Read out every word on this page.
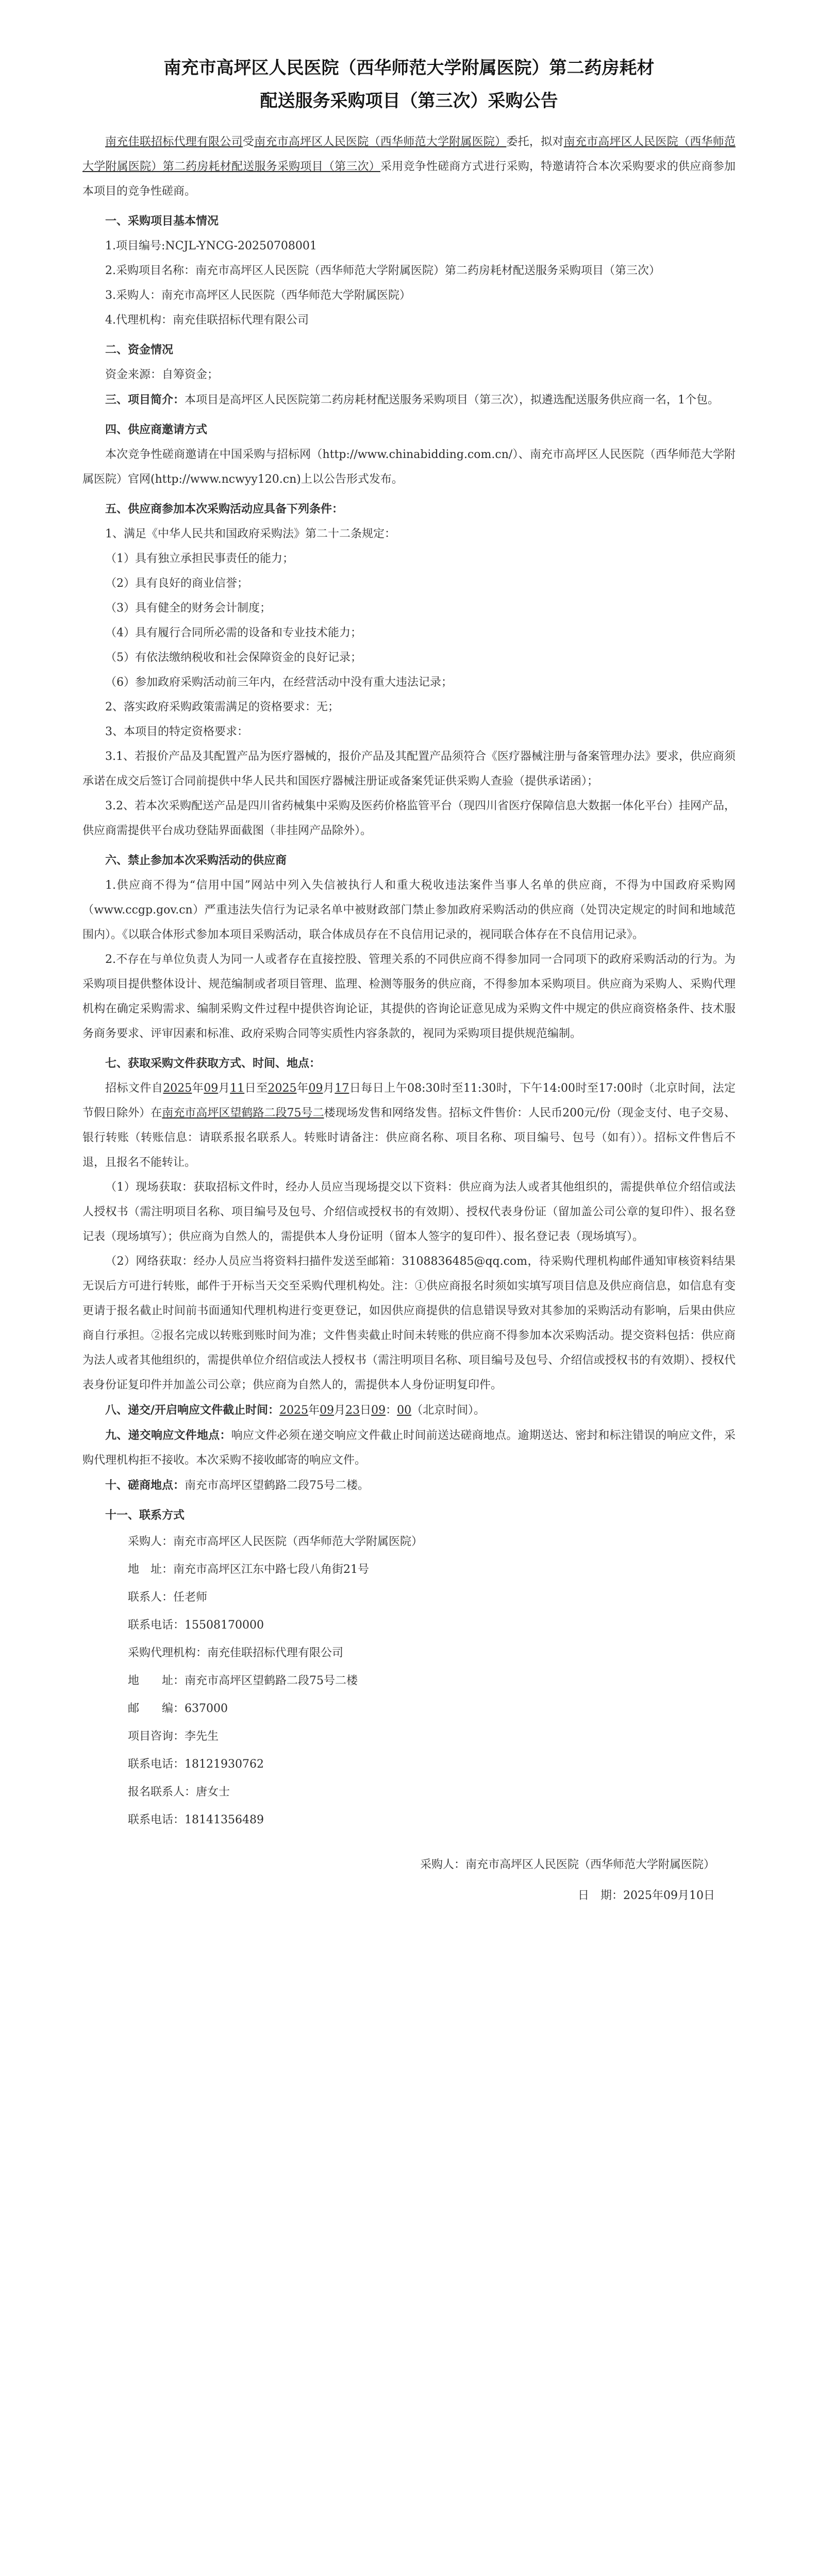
南充市高坪区人民医院（西华师范大学附属医院）第二药房耗材
配送服务采购项目（第三次）采购公告

南充佳联招标代理有限公司受南充市高坪区人民医院（西华师范大学附属医院）委托，拟对南充市高坪区人民医院（西华师范大学附属医院）第二药房耗材配送服务采购项目（第三次）采用竞争性磋商方式进行采购，特邀请符合本次采购要求的供应商参加本项目的竞争性磋商。

一、采购项目基本情况

1.项目编号:NCJL-YNCG-20250708001

2.采购项目名称：南充市高坪区人民医院（西华师范大学附属医院）第二药房耗材配送服务采购项目（第三次）

3.采购人：南充市高坪区人民医院（西华师范大学附属医院）

4.代理机构：南充佳联招标代理有限公司

二、资金情况

资金来源：自筹资金；

三、项目简介：本项目是高坪区人民医院第二药房耗材配送服务采购项目（第三次），拟遴选配送服务供应商一名，1个包。

四、供应商邀请方式

本次竞争性磋商邀请在中国采购与招标网（http://www.chinabidding.com.cn/）、南充市高坪区人民医院（西华师范大学附属医院）官网(http://www.ncwyy120.cn)上以公告形式发布。

五、供应商参加本次采购活动应具备下列条件：

1、满足《中华人民共和国政府采购法》第二十二条规定：

（1）具有独立承担民事责任的能力；

（2）具有良好的商业信誉；

（3）具有健全的财务会计制度；

（4）具有履行合同所必需的设备和专业技术能力；

（5）有依法缴纳税收和社会保障资金的良好记录；

（6）参加政府采购活动前三年内，在经营活动中没有重大违法记录；

2、落实政府采购政策需满足的资格要求：无；

3、本项目的特定资格要求：

3.1、若报价产品及其配置产品为医疗器械的，报价产品及其配置产品须符合《医疗器械注册与备案管理办法》要求，供应商须承诺在成交后签订合同前提供中华人民共和国医疗器械注册证或备案凭证供采购人查验（提供承诺函）；

3.2、若本次采购配送产品是四川省药械集中采购及医药价格监管平台（现四川省医疗保障信息大数据一体化平台）挂网产品，供应商需提供平台成功登陆界面截图（非挂网产品除外）。

六、禁止参加本次采购活动的供应商

1.供应商不得为“信用中国”网站中列入失信被执行人和重大税收违法案件当事人名单的供应商，不得为中国政府采购网（www.ccgp.gov.cn）严重违法失信行为记录名单中被财政部门禁止参加政府采购活动的供应商（处罚决定规定的时间和地域范围内）。《以联合体形式参加本项目采购活动，联合体成员存在不良信用记录的，视同联合体存在不良信用记录》。

2.不存在与单位负责人为同一人或者存在直接控股、管理关系的不同供应商不得参加同一合同项下的政府采购活动的行为。为采购项目提供整体设计、规范编制或者项目管理、监理、检测等服务的供应商，不得参加本采购项目。供应商为采购人、采购代理机构在确定采购需求、编制采购文件过程中提供咨询论证，其提供的咨询论证意见成为采购文件中规定的供应商资格条件、技术服务商务要求、评审因素和标准、政府采购合同等实质性内容条款的，视同为采购项目提供规范编制。

七、获取采购文件获取方式、时间、地点：

招标文件自2025年09月11日至2025年09月17日每日上午08:30时至11:30时，下午14:00时至17:00时（北京时间，法定节假日除外）在南充市高坪区望鹤路二段75号二楼现场发售和网络发售。招标文件售价：人民币200元/份（现金支付、电子交易、银行转账（转账信息：请联系报名联系人。转账时请备注：供应商名称、项目名称、项目编号、包号（如有））。招标文件售后不退，且报名不能转让。

（1）现场获取：获取招标文件时，经办人员应当现场提交以下资料：供应商为法人或者其他组织的，需提供单位介绍信或法人授权书（需注明项目名称、项目编号及包号、介绍信或授权书的有效期）、授权代表身份证（留加盖公司公章的复印件）、报名登记表（现场填写）；供应商为自然人的，需提供本人身份证明（留本人签字的复印件）、报名登记表（现场填写）。

（2）网络获取：经办人员应当将资料扫描件发送至邮箱：3108836485@qq.com，待采购代理机构邮件通知审核资料结果无误后方可进行转账，邮件于开标当天交至采购代理机构处。注：①供应商报名时须如实填写项目信息及供应商信息，如信息有变更请于报名截止时间前书面通知代理机构进行变更登记，如因供应商提供的信息错误导致对其参加的采购活动有影响，后果由供应商自行承担。②报名完成以转账到账时间为准；文件售卖截止时间未转账的供应商不得参加本次采购活动。提交资料包括：供应商为法人或者其他组织的，需提供单位介绍信或法人授权书（需注明项目名称、项目编号及包号、介绍信或授权书的有效期）、授权代表身份证复印件并加盖公司公章；供应商为自然人的，需提供本人身份证明复印件。

八、递交/开启响应文件截止时间：2025年09月23日09：00（北京时间）。

九、递交响应文件地点：响应文件必须在递交响应文件截止时间前送达磋商地点。逾期送达、密封和标注错误的响应文件，采购代理机构拒不接收。本次采购不接收邮寄的响应文件。

十、磋商地点：南充市高坪区望鹤路二段75号二楼。

十一、联系方式

采购人：南充市高坪区人民医院（西华师范大学附属医院）

地　址：南充市高坪区江东中路七段八角街21号

联系人：任老师

联系电话：15508170000

采购代理机构：南充佳联招标代理有限公司

地　　址：南充市高坪区望鹤路二段75号二楼

邮　　编：637000

项目咨询：李先生

联系电话：18121930762

报名联系人：唐女士

联系电话：18141356489

采购人：南充市高坪区人民医院（西华师范大学附属医院）

日　期：2025年09月10日
